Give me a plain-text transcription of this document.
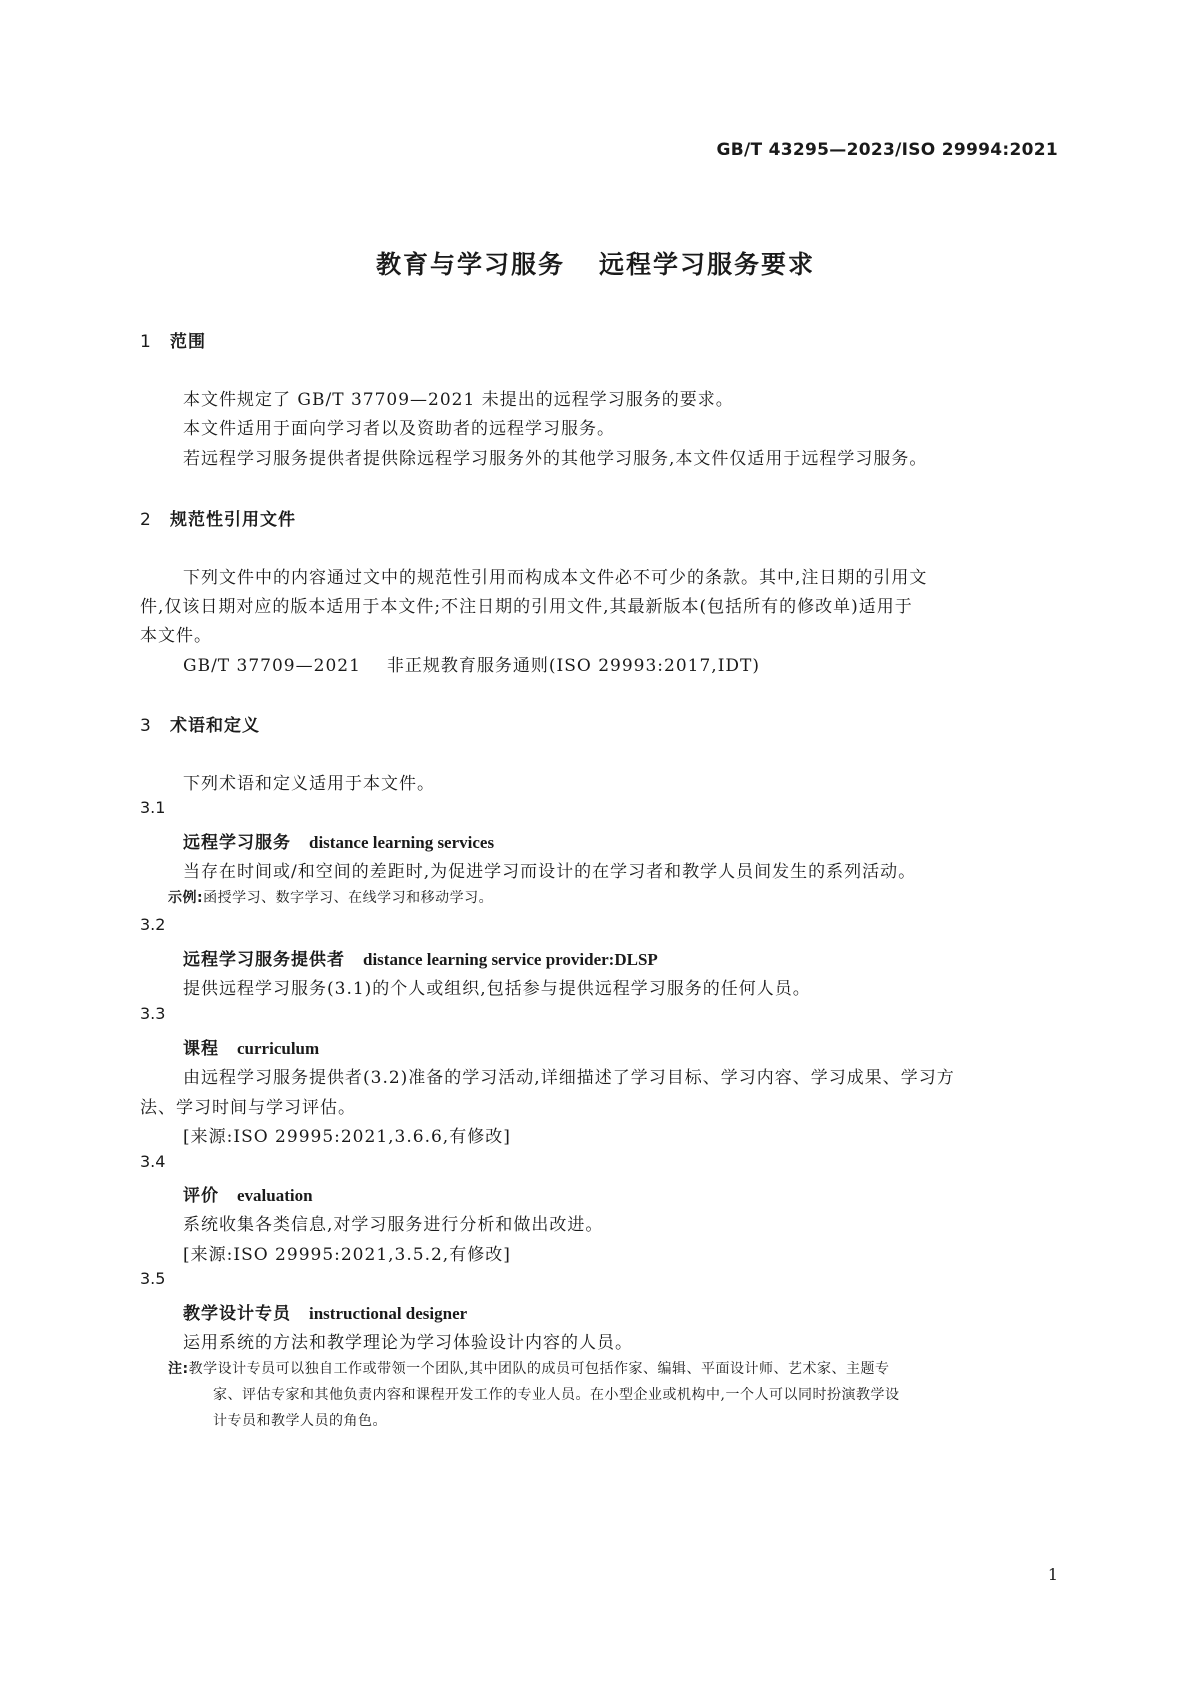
GB/T 43295—2023/ISO 29994:2021
教育与学习服务 远程学习服务要求
1 范围
本文件规定了 GB/T 37709—2021 未提出的远程学习服务的要求。
本文件适用于面向学习者以及资助者的远程学习服务。
若远程学习服务提供者提供除远程学习服务外的其他学习服务,本文件仅适用于远程学习服务。
2 规范性引用文件
下列文件中的内容通过文中的规范性引用而构成本文件必不可少的条款。其中,注日期的引用文
件,仅该日期对应的版本适用于本文件;不注日期的引用文件,其最新版本(包括所有的修改单)适用于
本文件。
GB/T 37709—2021 非正规教育服务通则(ISO 29993:2017,IDT)
3 术语和定义
下列术语和定义适用于本文件。
3.1
远程学习服务 distance learning services
当存在时间或/和空间的差距时,为促进学习而设计的在学习者和教学人员间发生的系列活动。
示例:函授学习、数字学习、在线学习和移动学习。
3.2
远程学习服务提供者 distance learning service provider:DLSP
提供远程学习服务(3.1)的个人或组织,包括参与提供远程学习服务的任何人员。
3.3
课程 curriculum
由远程学习服务提供者(3.2)准备的学习活动,详细描述了学习目标、学习内容、学习成果、学习方
法、学习时间与学习评估。
[来源:ISO 29995:2021,3.6.6,有修改]
3.4
评价 evaluation
系统收集各类信息,对学习服务进行分析和做出改进。
[来源:ISO 29995:2021,3.5.2,有修改]
3.5
教学设计专员 instructional designer
运用系统的方法和教学理论为学习体验设计内容的人员。
注:教学设计专员可以独自工作或带领一个团队,其中团队的成员可包括作家、编辑、平面设计师、艺术家、主题专
家、评估专家和其他负责内容和课程开发工作的专业人员。在小型企业或机构中,一个人可以同时扮演教学设
计专员和教学人员的角色。
1
